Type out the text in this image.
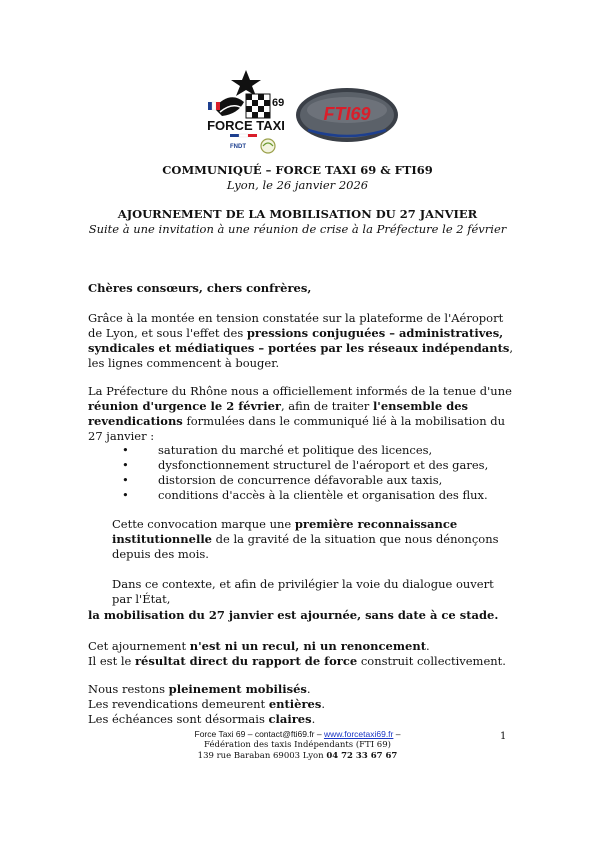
69
FORCE TAXI
FNDT
FTI69
COMMUNIQUÉ – FORCE TAXI 69 & FTI69
Lyon, le 26 janvier 2026
AJOURNEMENT DE LA MOBILISATION DU 27 JANVIER
Suite à une invitation à une réunion de crise à la Préfecture le 2 février

Chères consœurs, chers confrères,

Grâce à la montée en tension constatée sur la plateforme de l'Aéroport de Lyon, et sous l'effet des pressions conjuguées – administratives, syndicales et médiatiques – portées par les réseaux indépendants, les lignes commencent à bouger.

La Préfecture du Rhône nous a officiellement informés de la tenue d'une réunion d'urgence le 2 février, afin de traiter l'ensemble des revendications formulées dans le communiqué lié à la mobilisation du 27 janvier :

•	saturation du marché et politique des licences,
•	dysfonctionnement structurel de l'aéroport et des gares,
•	distorsion de concurrence défavorable aux taxis,
•	conditions d'accès à la clientèle et organisation des flux.

Cette convocation marque une première reconnaissance institutionnelle de la gravité de la situation que nous dénonçons depuis des mois.

Dans ce contexte, et afin de privilégier la voie du dialogue ouvert par l'État,

la mobilisation du 27 janvier est ajournée, sans date à ce stade.

Cet ajournement n'est ni un recul, ni un renoncement.

Il est le résultat direct du rapport de force construit collectivement.

Nous restons pleinement mobilisés.

Les revendications demeurent entières.

Les échéances sont désormais claires.

Force Taxi 69 – contact@fti69.fr – www.forcetaxi69.fr –
Fédération des taxis Indépendants (FTI 69)
139 rue Baraban 69003 Lyon 04 72 33 67 67
1
